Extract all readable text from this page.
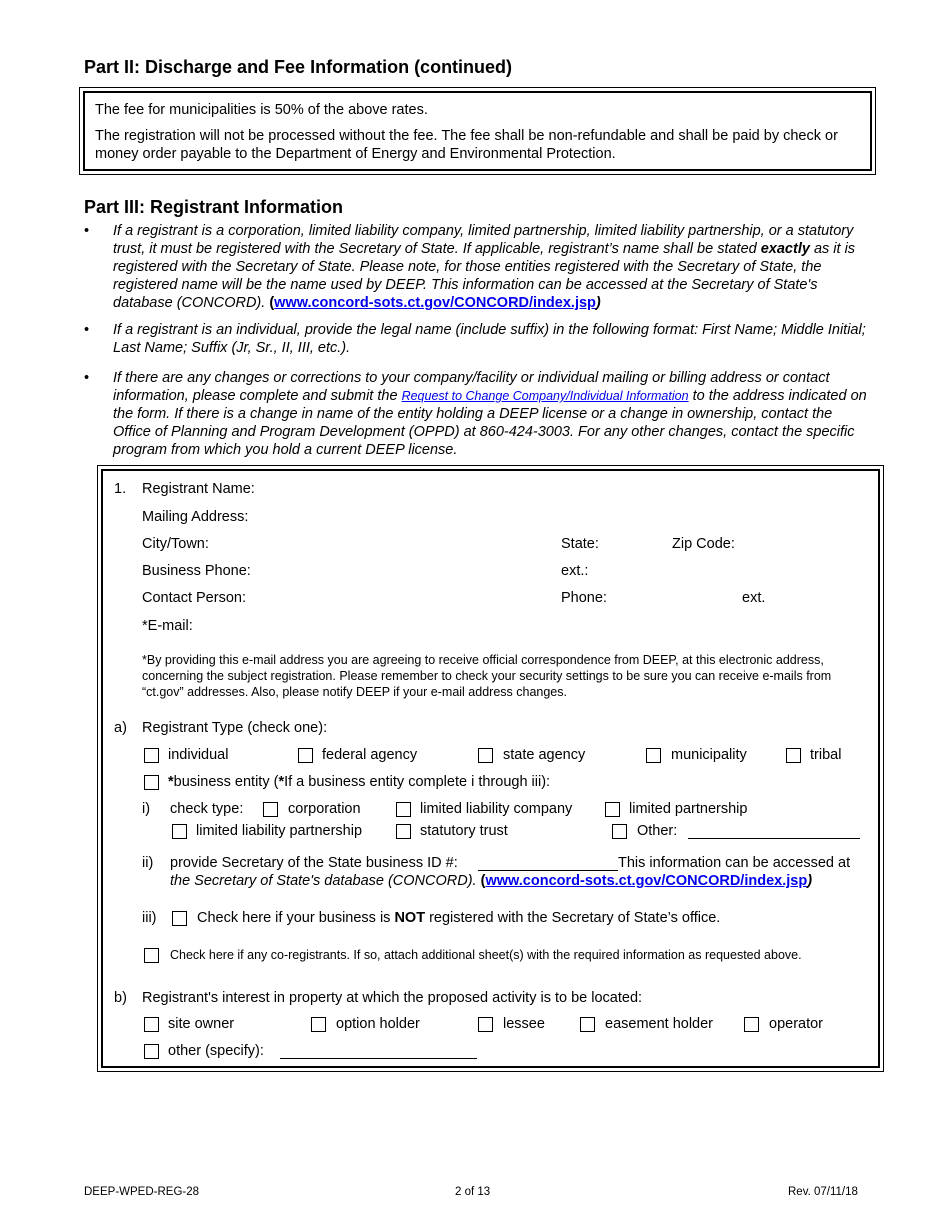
Part II: Discharge and Fee Information (continued)

The fee for municipalities is 50% of the above rates.

The registration will not be processed without the fee. The fee shall be non-refundable and shall be paid by check or money order payable to the Department of Energy and Environmental Protection.

Part III: Registrant Information
• If a registrant is a corporation, limited liability company, limited partnership, limited liability partnership, or a statutory trust, it must be registered with the Secretary of State. If applicable, registrant’s name shall be stated exactly as it is registered with the Secretary of State. Please note, for those entities registered with the Secretary of State, the registered name will be the name used by DEEP. This information can be accessed at the Secretary of State's database (CONCORD). (www.concord-sots.ct.gov/CONCORD/index.jsp)
• If a registrant is an individual, provide the legal name (include suffix) in the following format: First Name; Middle Initial; Last Name; Suffix (Jr, Sr., II, III, etc.).
• If there are any changes or corrections to your company/facility or individual mailing or billing address or contact information, please complete and submit the Request to Change Company/Individual Information to the address indicated on the form. If there is a change in name of the entity holding a DEEP license or a change in ownership, contact the Office of Planning and Program Development (OPPD) at 860-424-3003. For any other changes, contact the specific program from which you hold a current DEEP license.
1. Registrant Name:
Mailing Address:
City/Town:	State:	Zip Code:
Business Phone:	ext.:
Contact Person:	Phone:	ext.
*E-mail:
*By providing this e-mail address you are agreeing to receive official correspondence from DEEP, at this electronic address, concerning the subject registration. Please remember to check your security settings to be sure you can receive e-mails from “ct.gov” addresses. Also, please notify DEEP if your e-mail address changes.
a) Registrant Type (check one):
individual	federal agency	state agency	municipality	tribal
*business entity (*If a business entity complete i through iii):
i) check type:	corporation	limited liability company	limited partnership
limited liability partnership	statutory trust	Other:
ii) provide Secretary of the State business ID #:	This information can be accessed at
the Secretary of State's database (CONCORD). (www.concord-sots.ct.gov/CONCORD/index.jsp)
iii)	Check here if your business is NOT registered with the Secretary of State’s office.
Check here if any co-registrants. If so, attach additional sheet(s) with the required information as requested above.
b) Registrant's interest in property at which the proposed activity is to be located:
site owner	option holder	lessee	easement holder	operator
other (specify):
DEEP-WPED-REG-28	2 of 13	Rev. 07/11/18
